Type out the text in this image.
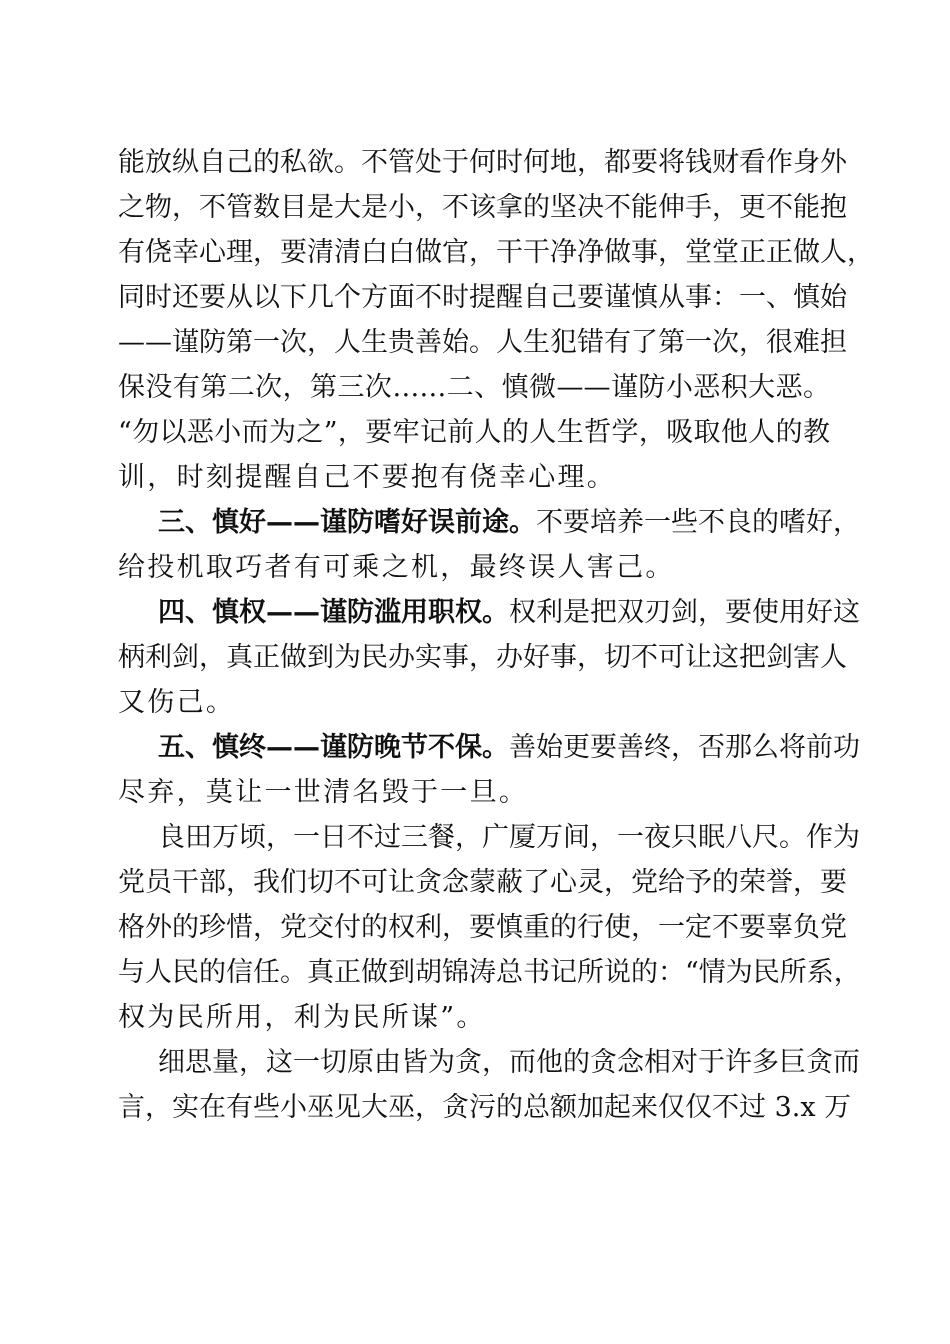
能放纵自己的私欲。不管处于何时何地，都要将钱财看作身外
之物，不管数目是大是小，不该拿的坚决不能伸手，更不能抱
有侥幸心理，要清清白白做官，干干净净做事，堂堂正正做人，
同时还要从以下几个方面不时提醒自己要谨慎从事：一、慎始
——谨防第一次，人生贵善始。人生犯错有了第一次，很难担
保没有第二次，第三次……二、慎微——谨防小恶积大恶。
“勿以恶小而为之”，要牢记前人的人生哲学，吸取他人的教
训，时刻提醒自己不要抱有侥幸心理。
三、慎好——谨防嗜好误前途。不要培养一些不良的嗜好，
给投机取巧者有可乘之机，最终误人害己。
四、慎权——谨防滥用职权。权利是把双刃剑，要使用好这
柄利剑，真正做到为民办实事，办好事，切不可让这把剑害人
又伤己。
五、慎终——谨防晚节不保。善始更要善终，否那么将前功
尽弃，莫让一世清名毁于一旦。
良田万顷，一日不过三餐，广厦万间，一夜只眠八尺。作为
党员干部，我们切不可让贪念蒙蔽了心灵，党给予的荣誉，要
格外的珍惜，党交付的权利，要慎重的行使，一定不要辜负党
与人民的信任。真正做到胡锦涛总书记所说的：“情为民所系，
权为民所用，利为民所谋”。
细思量，这一切原由皆为贪，而他的贪念相对于许多巨贪而
言，实在有些小巫见大巫，贪污的总额加起来仅仅不过 3.x 万
